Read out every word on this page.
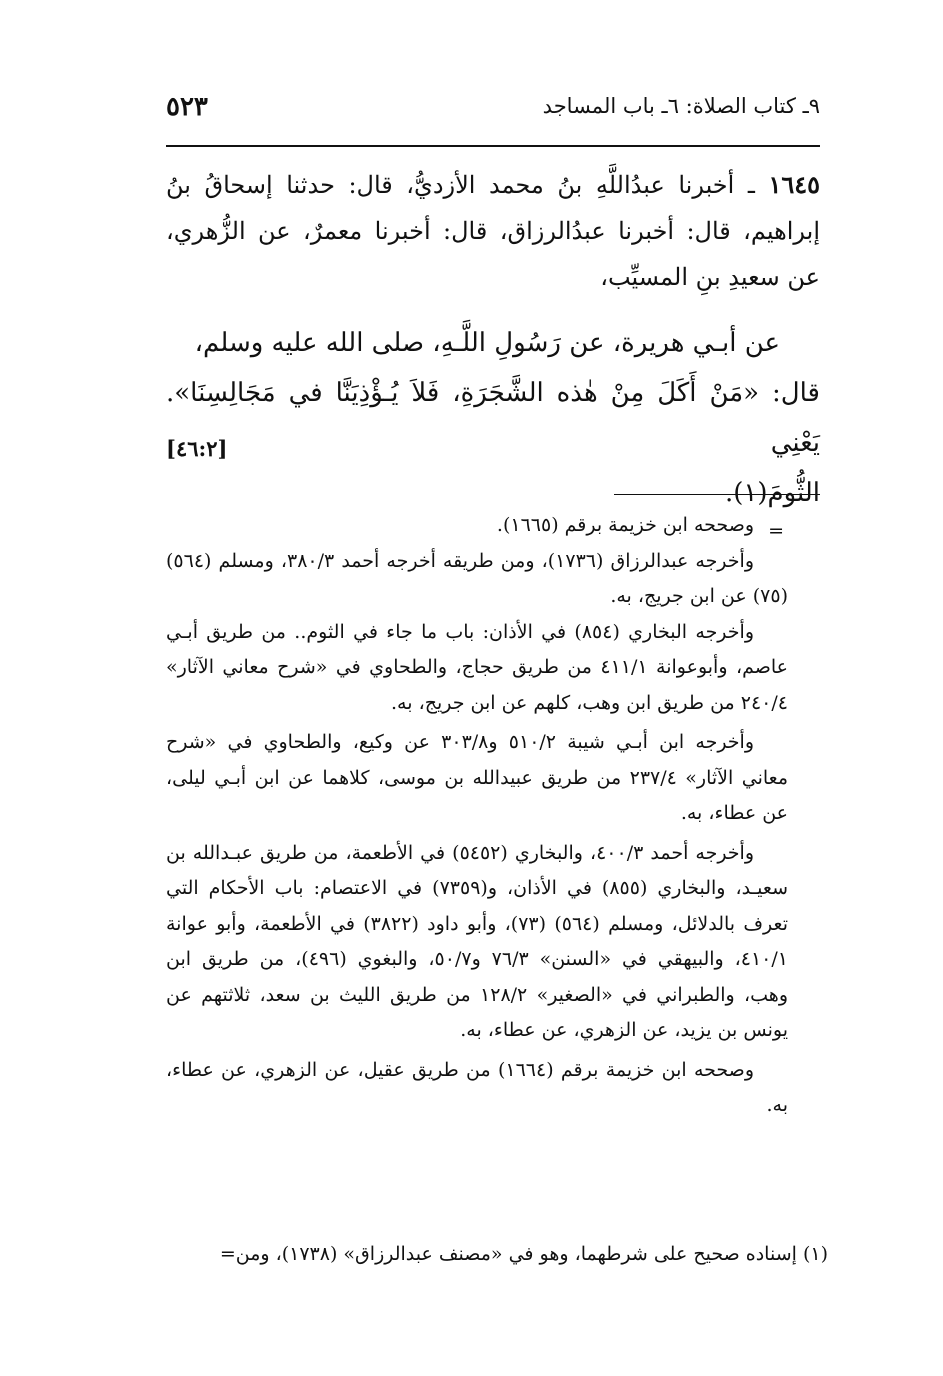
٥٢٣	٩ـ كتاب الصلاة: ٦ـ باب المساجد
١٦٤٥ ـ أخبرنا عبدُاللَّهِ بنُ محمد الأزديُّ، قال: حدثنا إسحاقُ بنُ إبراهيم، قال: أخبرنا عبدُالرزاق، قال: أخبرنا معمرٌ، عن الزُّهري، عن سعيدِ بنِ المسيِّب،

عن أبـي هريرة، عن رَسُولِ اللَّـهِ، صلى الله عليه وسلم،

قال: «مَنْ أَكَلَ مِنْ هٰذه الشَّجَرَةِ، فَلاَ يُـؤْذِيَنَّا في مَجَالِسِنَا». يَعْنِي

الثُّومَ(١).

[٤٦:٢]

=
وصححه ابن خزيمة برقم (١٦٦٥).

وأخرجه عبدالرزاق (١٧٣٦)، ومن طريقه أخرجه أحمد ٣٨٠/٣، ومسلم (٥٦٤) (٧٥) عن ابن جريج، به.

وأخرجه البخاري (٨٥٤) في الأذان: باب ما جاء في الثوم.. من طريق أبـي عاصم، وأبوعوانة ٤١١/١ من طريق حجاج، والطحاوي في «شرح معاني الآثار» ٢٤٠/٤ من طريق ابن وهب، كلهم عن ابن جريج، به.

وأخرجه ابن أبـي شيبة ٥١٠/٢ و٣٠٣/٨ عن وكيع، والطحاوي في «شرح معاني الآثار» ٢٣٧/٤ من طريق عبيدالله بن موسى، كلاهما عن ابن أبـي ليلى، عن عطاء، به.

وأخرجه أحمد ٤٠٠/٣، والبخاري (٥٤٥٢) في الأطعمة، من طريق عبـدالله بن سعيـد، والبخاري (٨٥٥) في الأذان، و(٧٣٥٩) في الاعتصام: باب الأحكام التي تعرف بالدلائل، ومسلم (٥٦٤) (٧٣)، وأبو داود (٣٨٢٢) في الأطعمة، وأبو عوانة ٤١٠/١، والبيهقي في «السنن» ٧٦/٣ و٥٠/٧، والبغوي (٤٩٦)، من طريق ابن وهب، والطبراني في «الصغير» ١٢٨/٢ من طريق الليث بن سعد، ثلاثتهم عن يونس بن يزيد، عن الزهري، عن عطاء، به.

وصححه ابن خزيمة برقم (١٦٦٤) من طريق عقيل، عن الزهري، عن عطاء، به.

(١) إسناده صحيح على شرطهما، وهو في «مصنف عبدالرزاق» (١٧٣٨)، ومن=
